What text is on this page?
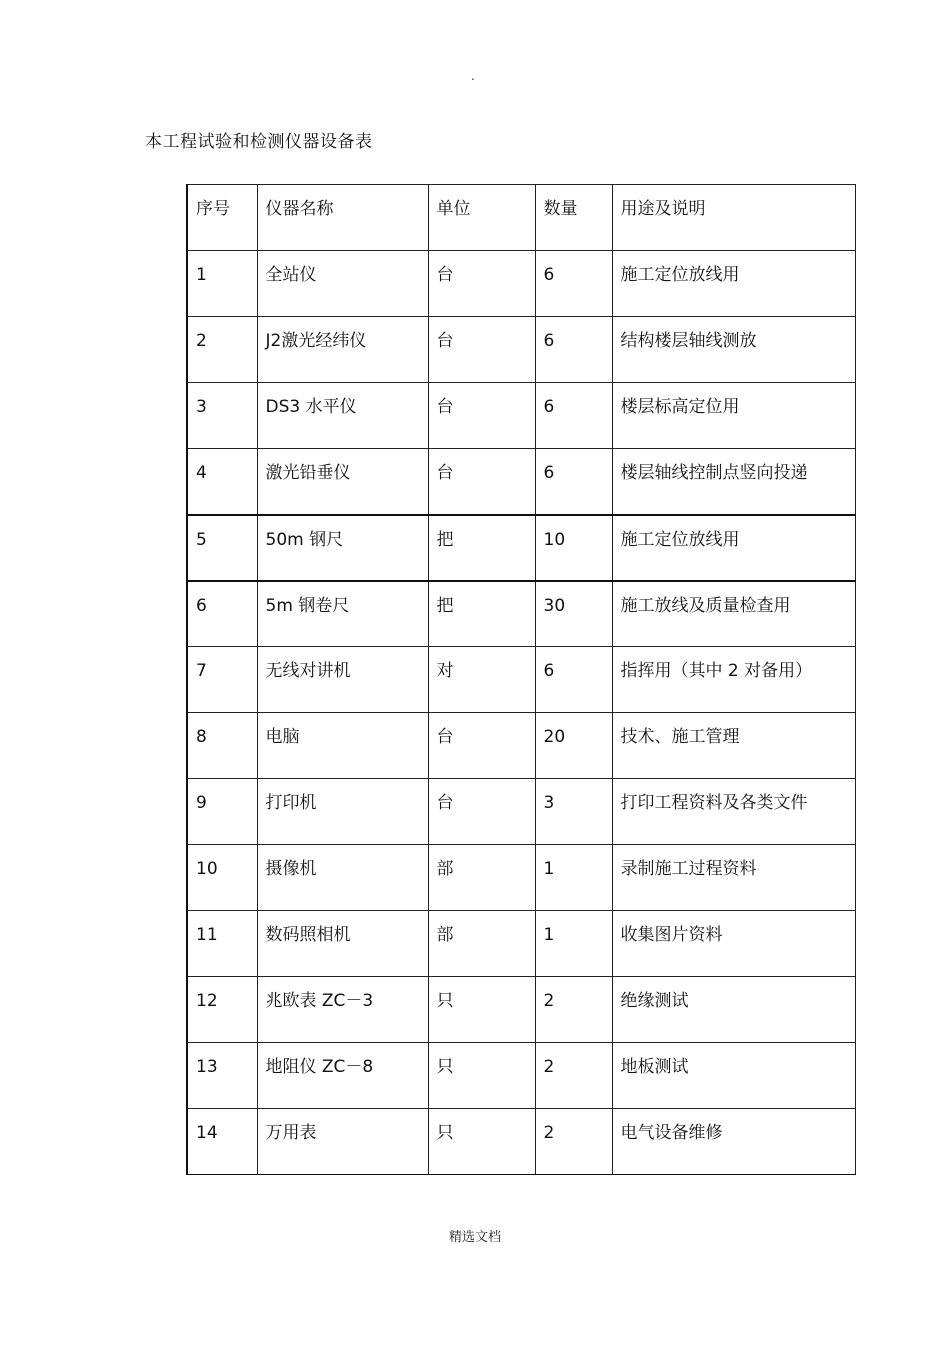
.
本工程试验和检测仪器设备表
序号	仪器名称	单位	数量	用途及说明

1	全站仪	台	6	施工定位放线用

2	J2激光经纬仪	台	6	结构楼层轴线测放

3	DS3 水平仪	台	6	楼层标高定位用

4	激光铅垂仪	台	6	楼层轴线控制点竖向投递

5	50m 钢尺	把	10	施工定位放线用

6	5m 钢卷尺	把	30	施工放线及质量检查用

7	无线对讲机	对	6	指挥用（其中 2 对备用）

8	电脑	台	20	技术、施工管理

9	打印机	台	3	打印工程资料及各类文件

10	摄像机	部	1	录制施工过程资料

11	数码照相机	部	1	收集图片资料

12	兆欧表 ZC－3	只	2	绝缘测试

13	地阻仪 ZC－8	只	2	地板测试

14	万用表	只	2	电气设备维修
精选文档
